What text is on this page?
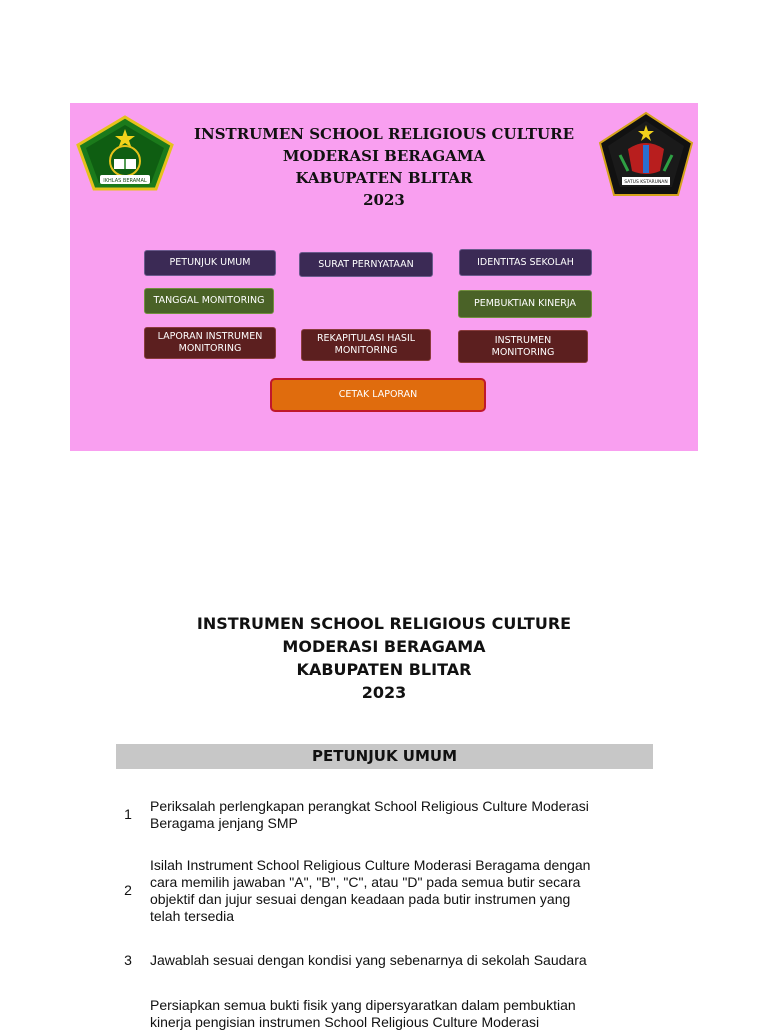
IKHLAS BERAMAL
INSTRUMEN SCHOOL RELIGIOUS CULTURE
MODERASI BERAGAMA
KABUPATEN BLITAR
2023
SATUS KSTARUNAN
PETUNJUK UMUM	SURAT PERNYATAAN	IDENTITAS SEKOLAH
TANGGAL MONITORING	PEMBUKTIAN KINERJA
LAPORAN INSTRUMEN
MONITORING
REKAPITULASI HASIL
MONITORING
INSTRUMEN
MONITORING
CETAK LAPORAN
INSTRUMEN SCHOOL RELIGIOUS CULTURE
MODERASI BERAGAMA
KABUPATEN BLITAR
2023
PETUNJUK UMUM
1	Periksalah perlengkapan perangkat School Religious Culture Moderasi
Beragama jenjang SMP
2
Isilah Instrument School Religious Culture Moderasi Beragama dengan
cara memilih jawaban "A", "B", "C", atau "D" pada semua butir secara
objektif dan jujur sesuai dengan keadaan pada butir instrumen yang
telah tersedia
3	Jawablah sesuai dengan kondisi yang sebenarnya di sekolah Saudara
Persiapkan semua bukti fisik yang dipersyaratkan dalam pembuktian
kinerja pengisian instrumen School Religious Culture Moderasi
